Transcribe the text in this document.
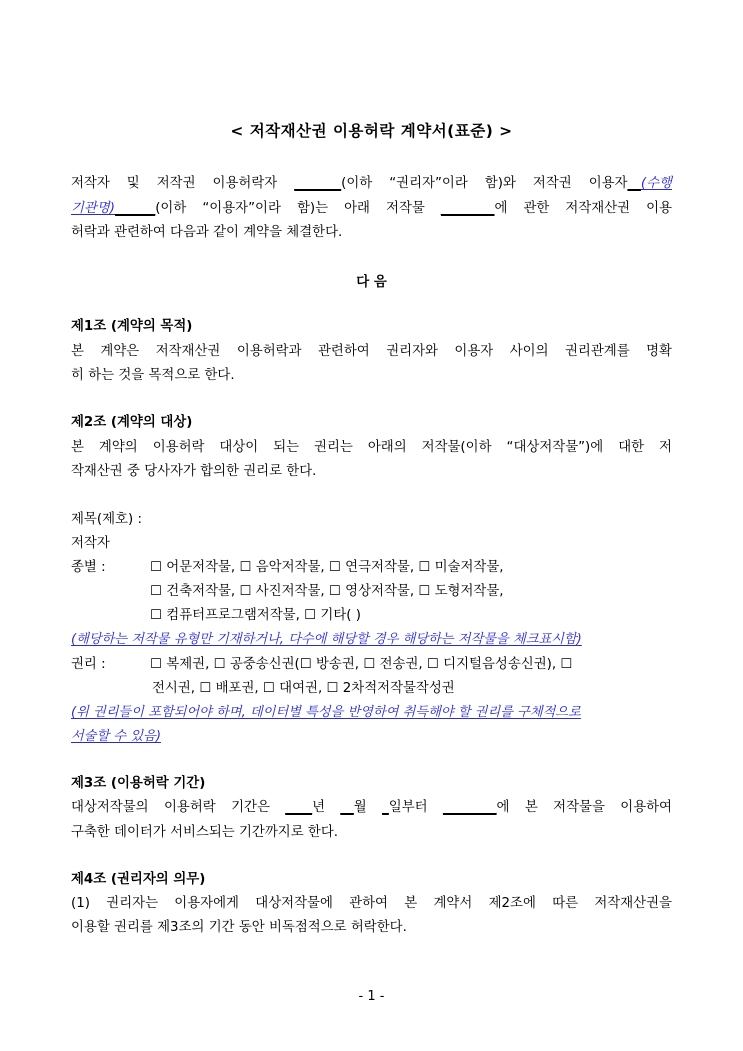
< 저작재산권 이용허락 계약서(표준) >
저작자 및 저작권 이용허락자 _______(이하 “권리자”이라 함)와 저작권 이용자__(수행
기관명)______(이하 “이용자”이라 함)는 아래 저작물 ________에 관한 저작재산권 이용
허락과 관련하여 다음과 같이 계약을 체결한다.
다 음
제1조 (계약의 목적)
본 계약은 저작재산권 이용허락과 관련하여 권리자와 이용자 사이의 권리관계를 명확
히 하는 것을 목적으로 한다.
제2조 (계약의 대상)
본 계약의 이용허락 대상이 되는 권리는 아래의 저작물(이하 “대상저작물”)에 대한 저
작재산권 중 당사자가 합의한 권리로 한다.
제목(제호) :
저작자
종별 :	☐ 어문저작물, ☐ 음악저작물, ☐ 연극저작물, ☐ 미술저작물,
☐ 건축저작물, ☐ 사진저작물, ☐ 영상저작물, ☐ 도형저작물,
☐ 컴퓨터프로그램저작물, ☐ 기타( )
(해당하는 저작물 유형만 기재하거나, 다수에 해당할 경우 해당하는 저작물을 체크표시함)
권리 :	☐ 복제권, ☐ 공중송신권(☐ 방송권, ☐ 전송권, ☐ 디지털음성송신권), ☐
전시권, ☐ 배포권, ☐ 대여권, ☐ 2차적저작물작성권
(위 권리들이 포함되어야 하며, 데이터별 특성을 반영하여 취득해야 할 권리를 구체적으로
서술할 수 있음)
제3조 (이용허락 기간)
대상저작물의 이용허락 기간은 ____년 __월 _일부터 ________에 본 저작물을 이용하여
구축한 데이터가 서비스되는 기간까지로 한다.
제4조 (권리자의 의무)
(1) 권리자는 이용자에게 대상저작물에 관하여 본 계약서 제2조에 따른 저작재산권을
이용할 권리를 제3조의 기간 동안 비독점적으로 허락한다.
- 1 -
